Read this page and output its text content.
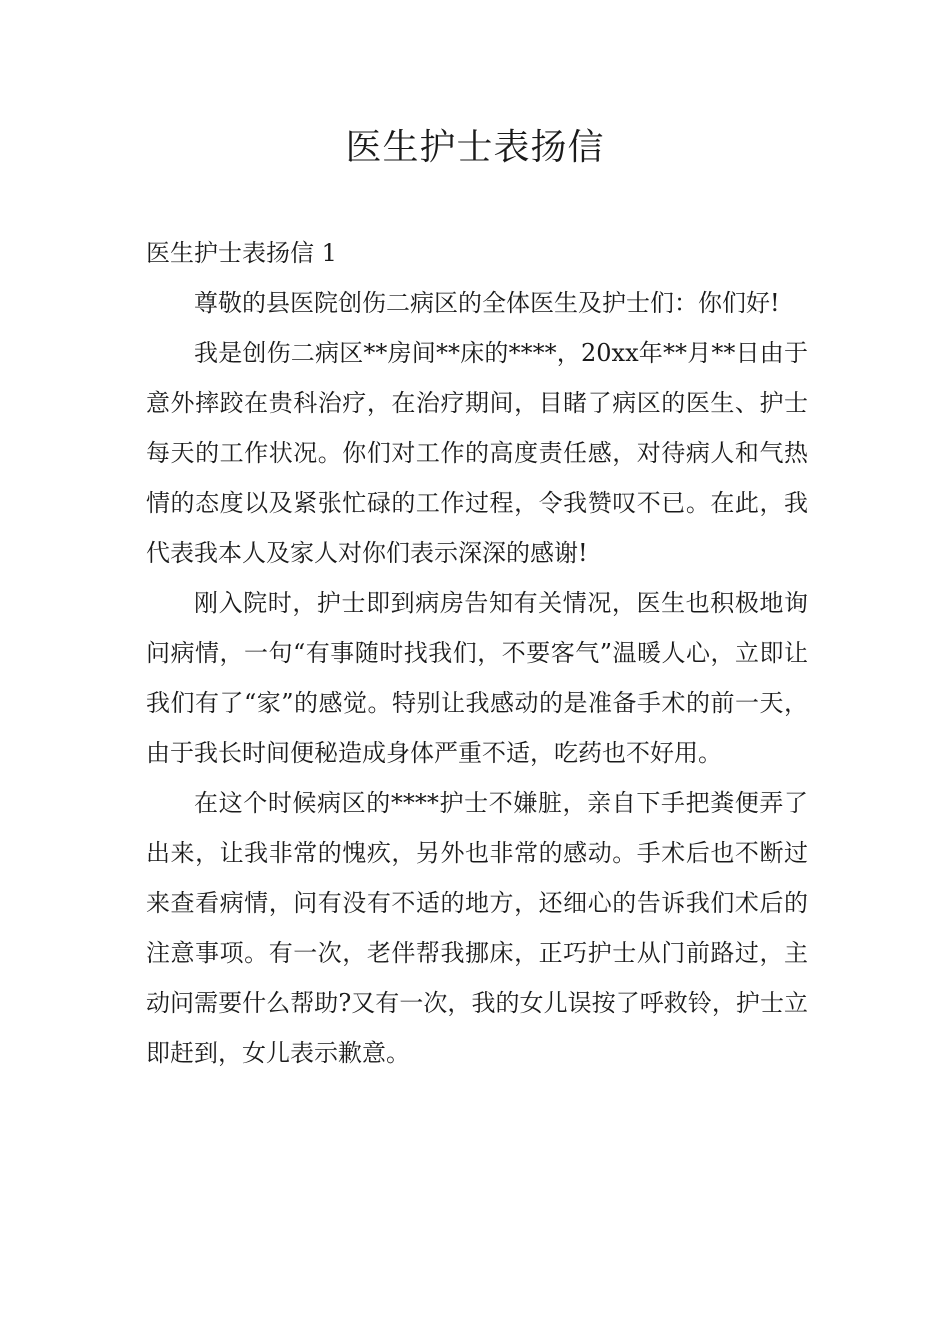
医生护士表扬信

医生护士表扬信 1

尊敬的县医院创伤二病区的全体医生及护士们：你们好!

我是创伤二病区**房间**床的****，20xx年**月**日由于意外摔跤在贵科治疗，在治疗期间，目睹了病区的医生、护士每天的工作状况。你们对工作的高度责任感，对待病人和气热情的态度以及紧张忙碌的工作过程，令我赞叹不已。在此，我代表我本人及家人对你们表示深深的感谢!

刚入院时，护士即到病房告知有关情况，医生也积极地询问病情，一句“有事随时找我们，不要客气”温暖人心，立即让我们有了“家”的感觉。特别让我感动的是准备手术的前一天，由于我长时间便秘造成身体严重不适，吃药也不好用。

在这个时候病区的****护士不嫌脏，亲自下手把粪便弄了出来，让我非常的愧疚，另外也非常的感动。手术后也不断过来查看病情，问有没有不适的地方，还细心的告诉我们术后的注意事项。有一次，老伴帮我挪床，正巧护士从门前路过，主动问需要什么帮助?又有一次，我的女儿误按了呼救铃，护士立即赶到，女儿表示歉意。
